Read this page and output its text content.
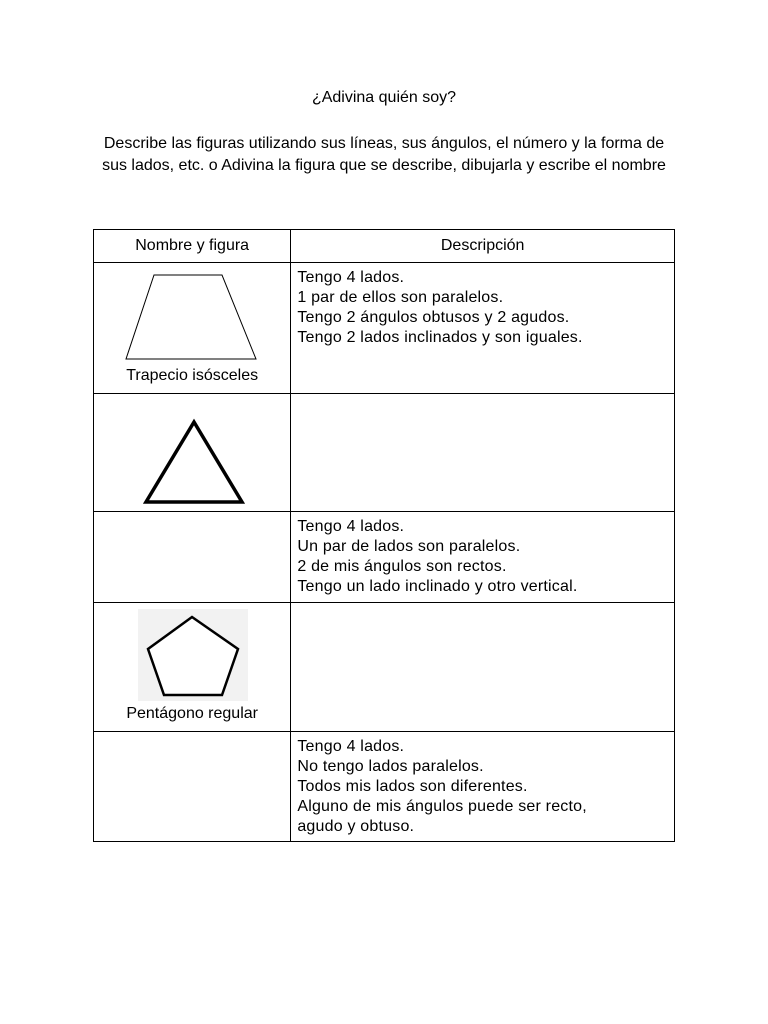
¿Adivina quién soy?
Describe las figuras utilizando sus líneas, sus ángulos, el número y la forma de sus lados, etc. o Adivina la figura que se describe, dibujarla y escribe el nombre
Nombre y figura	Descripción

Trapecio isósceles	Tengo 4 lados.
1 par de ellos son paralelos.
Tengo 2 ángulos obtusos y 2 agudos.
Tengo 2 lados inclinados y son iguales.

	Tengo 4 lados.
Un par de lados son paralelos.
2 de mis ángulos son rectos.
Tengo un lado inclinado y otro vertical.

Pentágono regular	

	Tengo 4 lados.
No tengo lados paralelos.
Todos mis lados son diferentes.
Alguno de mis ángulos puede ser recto,
agudo y obtuso.
